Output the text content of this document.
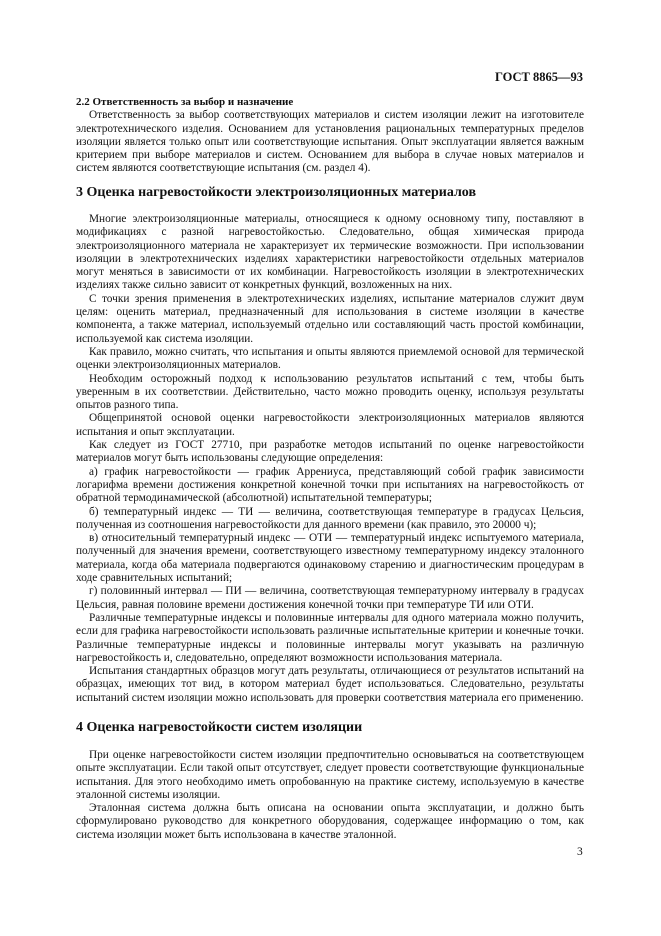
ГОСТ 8865—93

2.2 Ответственность за выбор и назначение

Ответственность за выбор соответствующих материалов и систем изоляции лежит на изготовителе электротехнического изделия. Основанием для установления рациональных температурных пределов изоляции является только опыт или соответствующие испытания. Опыт эксплуатации является важным критерием при выборе материалов и систем. Основанием для выбора в случае новых материалов и систем являются соответствующие испытания (см. раздел 4).

3 Оценка нагревостойкости электроизоляционных материалов

Многие электроизоляционные материалы, относящиеся к одному основному типу, поставляют в модификациях с разной нагревостойкостью. Следовательно, общая химическая природа электроизоляционного материала не характеризует их термические возможности. При использовании изоляции в электротехнических изделиях характеристики нагревостойкости отдельных материалов могут меняться в зависимости от их комбинации. Нагревостойкость изоляции в электротехнических изделиях также сильно зависит от конкретных функций, возложенных на них.

С точки зрения применения в электротехнических изделиях, испытание материалов служит двум целям: оценить материал, предназначенный для использования в системе изоляции в качестве компонента, а также материал, используемый отдельно или составляющий часть простой комбинации, используемой как система изоляции.

Как правило, можно считать, что испытания и опыты являются приемлемой основой для термической оценки электроизоляционных материалов.

Необходим осторожный подход к использованию результатов испытаний с тем, чтобы быть уверенным в их соответствии. Действительно, часто можно проводить оценку, используя результаты опытов разного типа.

Общепринятой основой оценки нагревостойкости электроизоляционных материалов являются испытания и опыт эксплуатации.

Как следует из ГОСТ 27710, при разработке методов испытаний по оценке нагревостойкости материалов могут быть использованы следующие определения:

а) график нагревостойкости — график Аррениуса, представляющий собой график зависимости логарифма времени достижения конкретной конечной точки при испытаниях на нагревостойкость от обратной термодинамической (абсолютной) испытательной температуры;

б) температурный индекс — ТИ — величина, соответствующая температуре в градусах Цельсия, полученная из соотношения нагревостойкости для данного времени (как правило, это 20000 ч);

в) относительный температурный индекс — ОТИ — температурный индекс испытуемого материала, полученный для значения времени, соответствующего известному температурному индексу эталонного материала, когда оба материала подвергаются одинаковому старению и диагностическим процедурам в ходе сравнительных испытаний;

г) половинный интервал — ПИ — величина, соответствующая температурному интервалу в градусах Цельсия, равная половине времени достижения конечной точки при температуре ТИ или ОТИ.

Различные температурные индексы и половинные интервалы для одного материала можно получить, если для графика нагревостойкости использовать различные испытательные критерии и конечные точки. Различные температурные индексы и половинные интервалы могут указывать на различную нагревостойкость и, следовательно, определяют возможности использования материала.

Испытания стандартных образцов могут дать результаты, отличающиеся от результатов испытаний на образцах, имеющих тот вид, в котором материал будет использоваться. Следовательно, результаты испытаний систем изоляции можно использовать для проверки соответствия материала его применению.

4 Оценка нагревостойкости систем изоляции

При оценке нагревостойкости систем изоляции предпочтительно основываться на соответствующем опыте эксплуатации. Если такой опыт отсутствует, следует провести соответствующие функциональные испытания. Для этого необходимо иметь опробованную на практике систему, используемую в качестве эталонной системы изоляции.

Эталонная система должна быть описана на основании опыта эксплуатации, и должно быть сформулировано руководство для конкретного оборудования, содержащее информацию о том, как система изоляции может быть использована в качестве эталонной.

3
